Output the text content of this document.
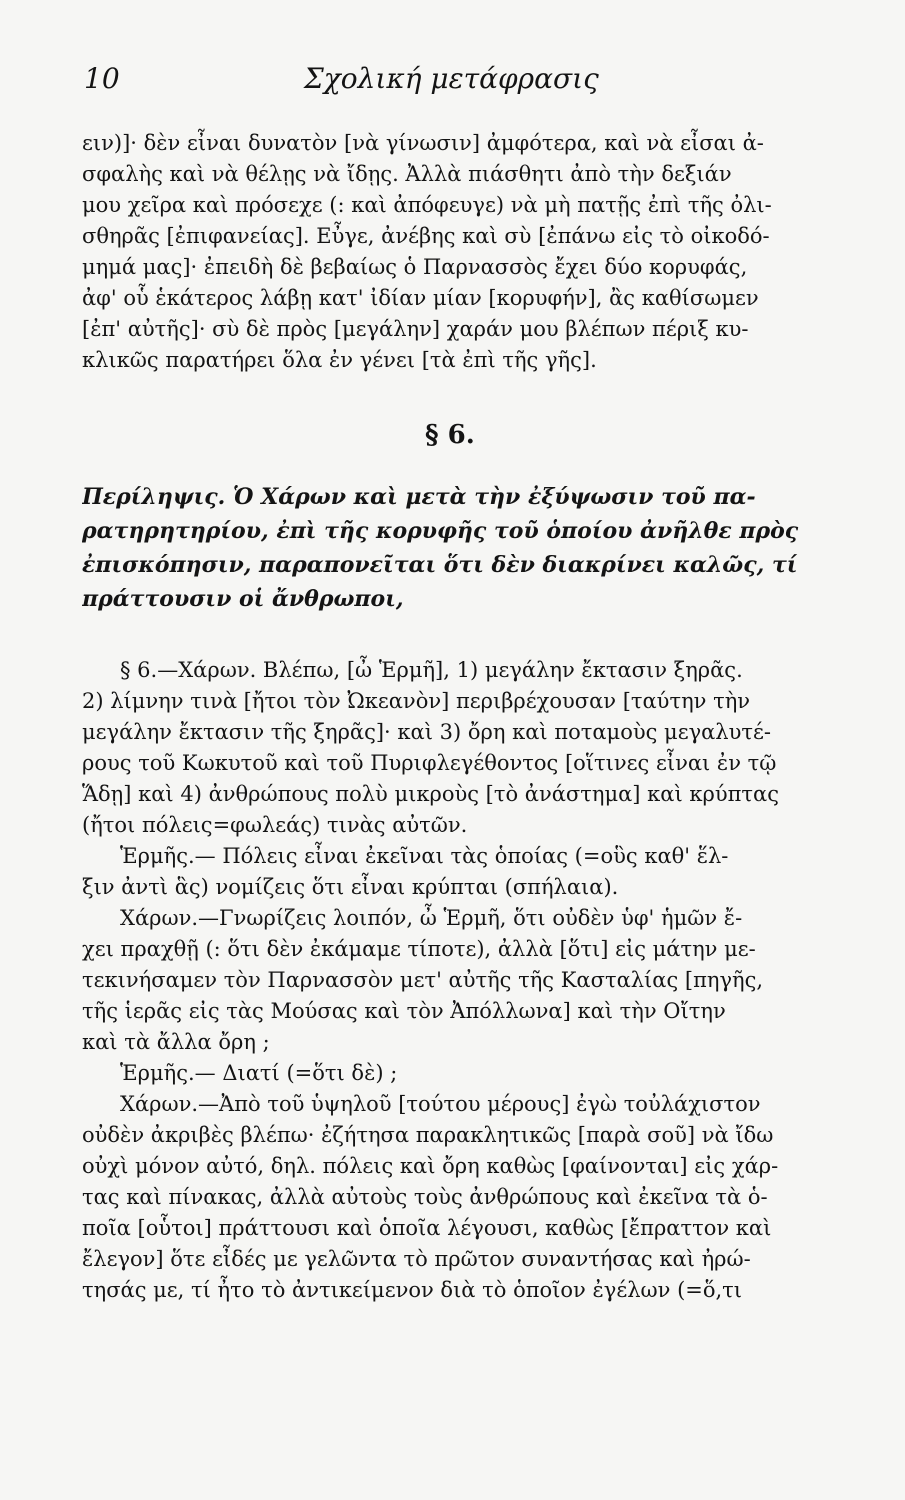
10	Σχολική μετάφρασις
ειν)]· δὲν εἶναι δυνατὸν [νὰ γίνωσιν] ἀμφότερα, καὶ νὰ εἶσαι ἀ-
σφαλὴς καὶ νὰ θέλῃς νὰ ἴδῃς. Ἀλλὰ πιάσθητι ἀπὸ τὴν δεξιάν
μου χεῖρα καὶ πρόσεχε (: καὶ ἀπόφευγε) νὰ μὴ πατῇς ἐπὶ τῆς ὀλι-
σθηρᾶς [ἐπιφανείας]. Εὖγε, ἀνέβης καὶ σὺ [ἐπάνω εἰς τὸ οἰκοδό-
μημά μας]· ἐπειδὴ δὲ βεβαίως ὁ Παρνασσὸς ἔχει δύο κορυφάς,
ἀφ' οὗ ἑκάτερος λάβῃ κατ' ἰδίαν μίαν [κορυφήν], ἂς καθίσωμεν
[ἐπ' αὐτῆς]· σὺ δὲ πρὸς [μεγάλην] χαράν μου βλέπων πέριξ κυ-
κλικῶς παρατήρει ὅλα ἐν γένει [τὰ ἐπὶ τῆς γῆς].
§ 6.
Περίληψις. Ὁ Χάρων καὶ μετὰ τὴν ἐξύψωσιν τοῦ πα-
ρατηρητηρίου, ἐπὶ τῆς κορυφῆς τοῦ ὁποίου ἀνῆλθε πρὸς
ἐπισκόπησιν, παραπονεῖται ὅτι δὲν διακρίνει καλῶς, τί
πράττουσιν οἱ ἄνθρωποι,
§ 6.—Χάρων. Βλέπω, [ὦ Ἑρμῆ], 1) μεγάλην ἔκτασιν ξηρᾶς.
2) λίμνην τινὰ [ἤτοι τὸν Ὠκεανὸν] περιβρέχουσαν [ταύτην τὴν
μεγάλην ἔκτασιν τῆς ξηρᾶς]· καὶ 3) ὄρη καὶ ποταμοὺς μεγαλυτέ-
ρους τοῦ Κωκυτοῦ καὶ τοῦ Πυριφλεγέθοντος [οἵτινες εἶναι ἐν τῷ
Ἅδῃ] καὶ 4) ἀνθρώπους πολὺ μικροὺς [τὸ ἀνάστημα] καὶ κρύπτας
(ἤτοι πόλεις=φωλεάς) τινὰς αὐτῶν.
Ἑρμῆς.— Πόλεις εἶναι ἐκεῖναι τὰς ὁποίας (=οὓς καθ' ἕλ-
ξιν ἀντὶ ἃς) νομίζεις ὅτι εἶναι κρύπται (σπήλαια).
Χάρων.—Γνωρίζεις λοιπόν, ὦ Ἑρμῆ, ὅτι οὐδὲν ὑφ' ἡμῶν ἔ-
χει πραχθῇ (: ὅτι δὲν ἐκάμαμε τίποτε), ἀλλὰ [ὅτι] εἰς μάτην με-
τεκινήσαμεν τὸν Παρνασσὸν μετ' αὐτῆς τῆς Κασταλίας [πηγῆς,
τῆς ἱερᾶς εἰς τὰς Μούσας καὶ τὸν Ἀπόλλωνα] καὶ τὴν Οἴτην
καὶ τὰ ἄλλα ὄρη ;
Ἑρμῆς.— Διατί (=ὅτι δὲ) ;
Χάρων.—Ἀπὸ τοῦ ὑψηλοῦ [τούτου μέρους] ἐγὼ τοὐλάχιστον
οὐδὲν ἀκριβὲς βλέπω· ἐζήτησα παρακλητικῶς [παρὰ σοῦ] νὰ ἴδω
οὐχὶ μόνον αὐτό, δηλ. πόλεις καὶ ὄρη καθὼς [φαίνονται] εἰς χάρ-
τας καὶ πίνακας, ἀλλὰ αὐτοὺς τοὺς ἀνθρώπους καὶ ἐκεῖνα τὰ ὁ-
ποῖα [οὗτοι] πράττουσι καὶ ὁποῖα λέγουσι, καθὼς [ἔπραττον καὶ
ἔλεγον] ὅτε εἶδές με γελῶντα τὸ πρῶτον συναντήσας καὶ ἠρώ-
τησάς με, τί ἦτο τὸ ἀντικείμενον διὰ τὸ ὁποῖον ἐγέλων (=ὅ,τι
